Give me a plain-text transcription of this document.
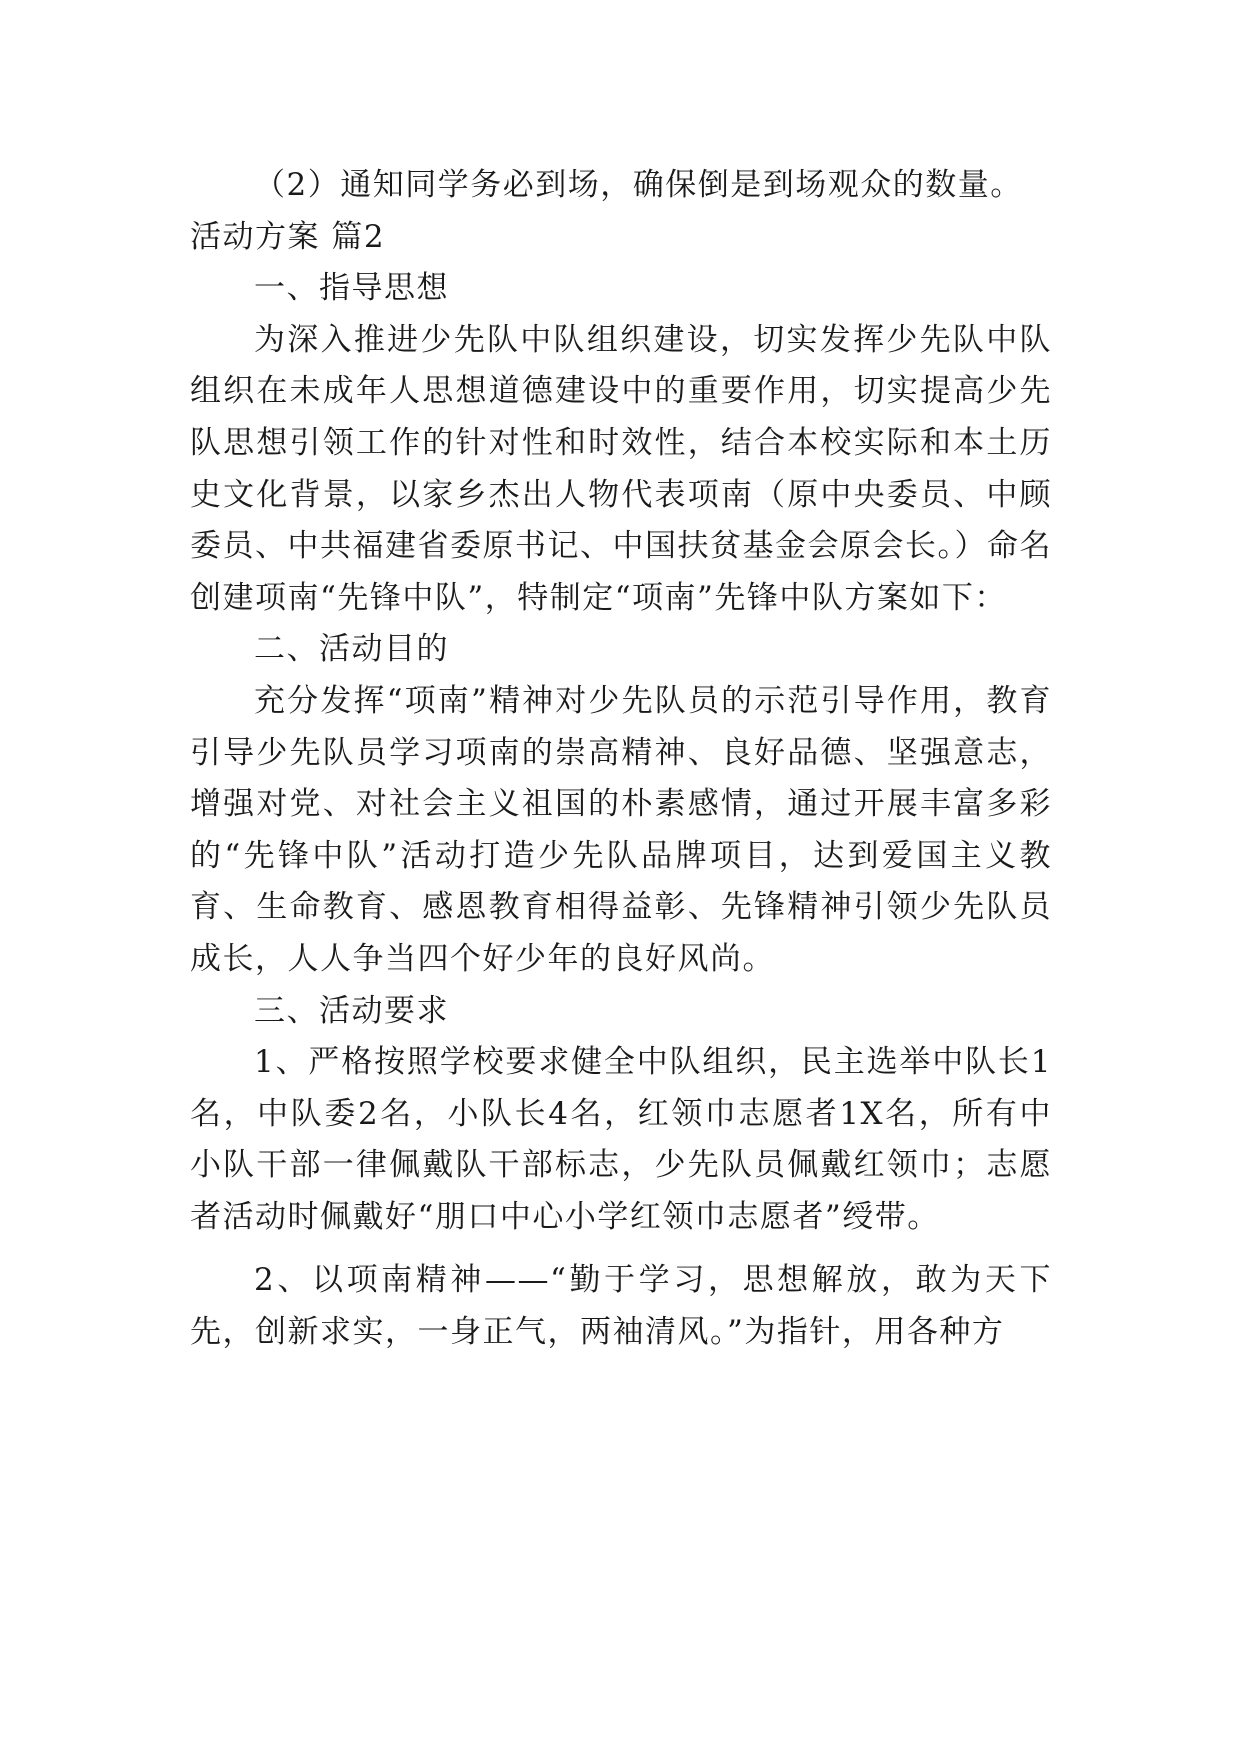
（2）通知同学务必到场，确保倒是到场观众的数量。

活动方案 篇2

一、指导思想

为深入推进少先队中队组织建设，切实发挥少先队中队组织在未成年人思想道德建设中的重要作用，切实提高少先队思想引领工作的针对性和时效性，结合本校实际和本土历史文化背景，以家乡杰出人物代表项南（原中央委员、中顾委员、中共福建省委原书记、中国扶贫基金会原会长。）命名创建项南“先锋中队”，特制定“项南”先锋中队方案如下：

二、活动目的

充分发挥“项南”精神对少先队员的示范引导作用，教育引导少先队员学习项南的崇高精神、良好品德、坚强意志，增强对党、对社会主义祖国的朴素感情，通过开展丰富多彩的“先锋中队”活动打造少先队品牌项目，达到爱国主义教育、生命教育、感恩教育相得益彰、先锋精神引领少先队员成长，人人争当四个好少年的良好风尚。

三、活动要求

1、严格按照学校要求健全中队组织，民主选举中队长1名，中队委2名，小队长4名，红领巾志愿者1X名，所有中小队干部一律佩戴队干部标志，少先队员佩戴红领巾；志愿者活动时佩戴好“朋口中心小学红领巾志愿者”绶带。

2、以项南精神——“勤于学习，思想解放，敢为天下先，创新求实，一身正气，两袖清风。”为指针，用各种方
